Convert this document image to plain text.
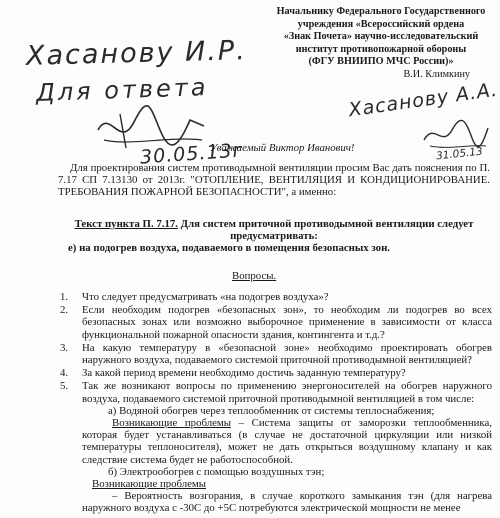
Начальнику Федерального Государственного
учреждения «Всероссийский ордена
«Знак Почета» научно-исследовательский
институт противопожарной обороны
(ФГУ ВНИИПО МЧС России)»
В.И. Климкину
Хасанову И.Р.
Для ответа
30.05.13г
Хасанову А.А.
31.05.13
Уважаемый Виктор Иванович!

Для проектирования систем противодымной вентиляции просим Вас дать пояснения по П. 7.17 СП 7.13130 от 2013г. "ОТОПЛЕНИЕ, ВЕНТИЛЯЦИЯ И КОНДИЦИОНИРОВАНИЕ. ТРЕБОВАНИЯ ПОЖАРНОЙ БЕЗОПАСНОСТИ", а именно:

Текст пункта П. 7.17. Для систем приточной противодымной вентиляции следует предусматривать:

е) на подогрев воздуха, подаваемого в помещения безопасных зон.

Вопросы.
1. Что следует предусматривать «на подогрев воздуха»?
2. Если необходим подогрев «безопасных зон», то необходим ли подогрев во всех безопасных зонах или возможно выборочное применение в зависимости от класса функциональной пожарной опасности здания, контингента и т.д.?
3. На какую температуру в «безопасной зоне» необходимо проектировать обогрев наружного воздуха, подаваемого системой приточной противодымной вентиляцией?
4. За какой период времени необходимо достичь заданную температуру?
5. Так же возникают вопросы по применению энергоносителей на обогрев наружного воздуха, подаваемого системой приточной противодымной вентиляцией в том числе:
а) Водяной обогрев через теплообменник от системы теплоснабжения;
Возникающие проблемы – Система защиты от заморозки теплообменника, которая будет устанавливаться (в случае не достаточной циркуляции или низкой температуры теплоносителя), может не дать открыться воздушному клапану и как следствие система будет не работоспособной.
б) Электрообогрев с помощью воздушных тэн;
Возникающие проблемы
– Вероятность возгорания, в случае короткого замыкания тэн (для нагрева наружного воздуха с -30С до +5С потребуются электрической мощности не менее
